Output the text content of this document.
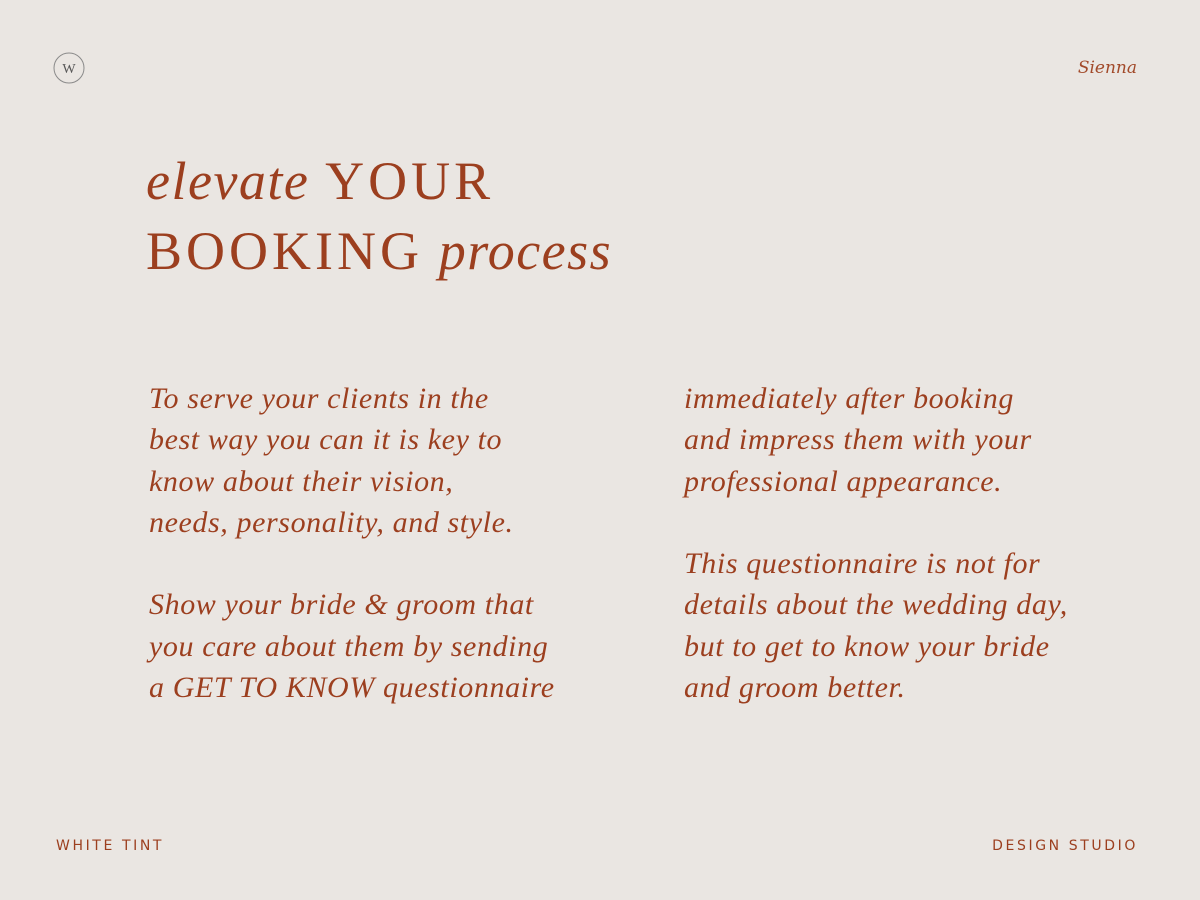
W	Sienna
elevate YOUR
BOOKING process

To serve your clients in the
best way you can it is key to
know about their vision,
needs, personality, and style.

Show your bride & groom that
you care about them by sending
a GET TO KNOW questionnaire

immediately after booking
and impress them with your
professional appearance.

This questionnaire is not for
details about the wedding day,
but to get to know your bride
and groom better.

WHITE TINT	DESIGN STUDIO
